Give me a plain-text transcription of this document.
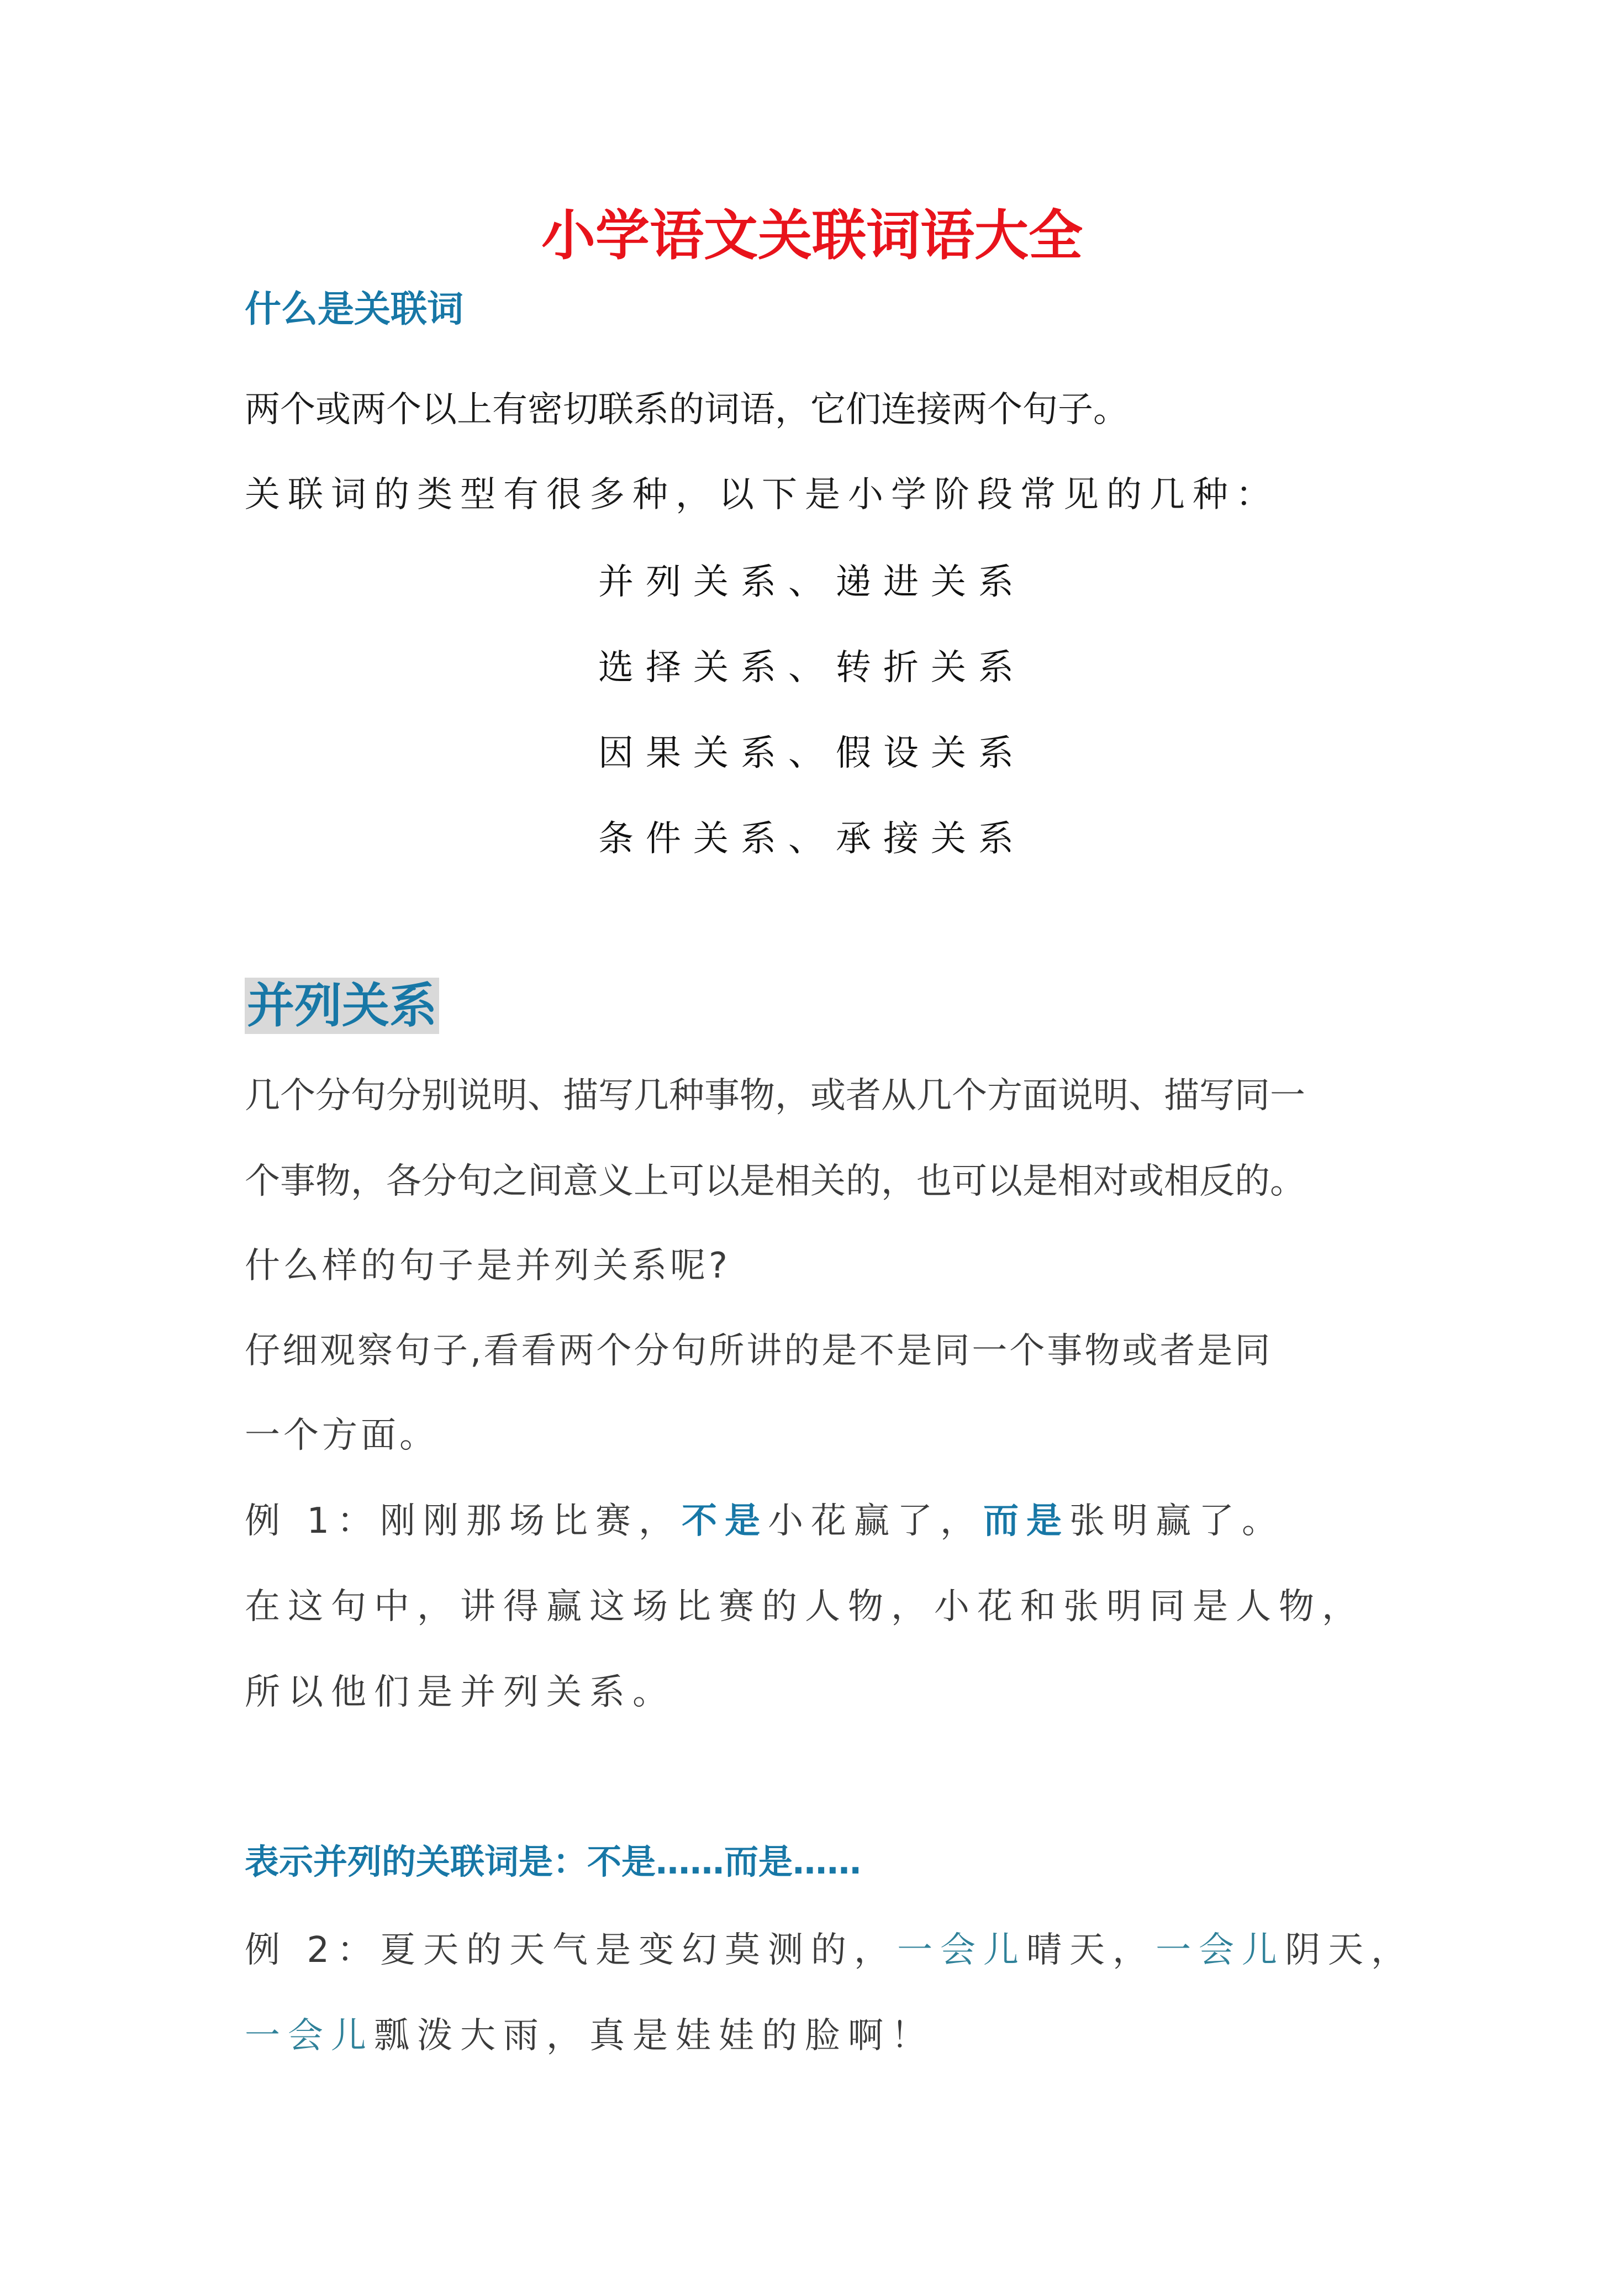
小学语文关联词语大全
什么是关联词
两个或两个以上有密切联系的词语，它们连接两个句子。
关联词的类型有很多种，以下是小学阶段常见的几种：
并列关系、递进关系
选择关系、转折关系
因果关系、假设关系
条件关系、承接关系
并列关系
几个分句分别说明、描写几种事物，或者从几个方面说明、描写同一
个事物，各分句之间意义上可以是相关的，也可以是相对或相反的。
什么样的句子是并列关系呢?
仔细观察句子,看看两个分句所讲的是不是同一个事物或者是同
一个方面。
例 1：刚刚那场比赛，不是小花赢了，而是张明赢了。
在这句中，讲得赢这场比赛的人物，小花和张明同是人物，
所以他们是并列关系。
表示并列的关联词是：不是……而是……
例 2：夏天的天气是变幻莫测的，一会儿晴天，一会儿阴天，
一会儿瓢泼大雨，真是娃娃的脸啊！
